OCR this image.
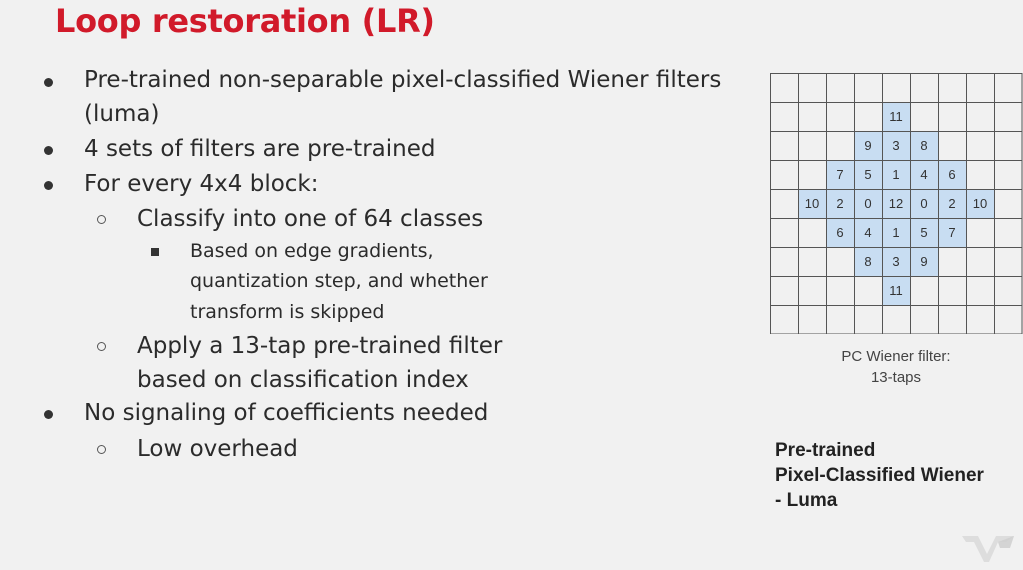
Loop restoration (LR)
Pre-trained non-separable pixel-classified Wiener filters
(luma)
4 sets of filters are pre-trained
For every 4x4 block:
Classify into one of 64 classes
Based on edge gradients,
quantization step, and whether
transform is skipped
Apply a 13-tap pre-trained filter
based on classification index
No signaling of coefficients needed
Low overhead
11
9 3 8
7 5 1 4 6
10 2 0 12 0 2 10
6 4 1 5 7
8 3 9
11
PC Wiener filter:
13-taps
Pre-trained
Pixel-Classified Wiener
- Luma
